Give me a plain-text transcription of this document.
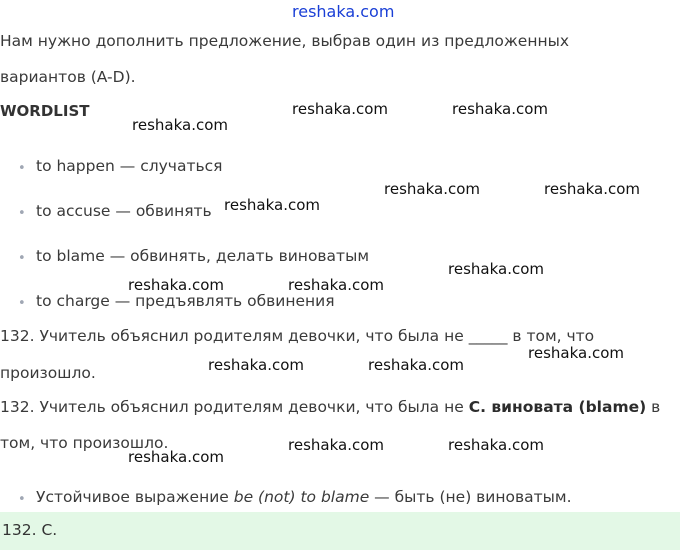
reshaka.com
Нам нужно дополнить предложение, выбрав один из предложенных
вариантов (A-D).
WORDLIST
• to happen — случаться
• to accuse — обвинять
• to blame — обвинять, делать виноватым
• to charge — предъявлять обвинения
132. Учитель объяснил родителям девочки, что была не _____ в том, что
произошло.
132. Учитель объяснил родителям девочки, что была не C. виновата (blame) в
том, что произошло.
• Устойчивое выражение be (not) to blame — быть (не) виноватым.
132. C.
reshaka.com	reshaka.com
reshaka.com
reshaka.com	reshaka.com
reshaka.com
reshaka.com
reshaka.com	reshaka.com
reshaka.com
reshaka.com	reshaka.com
reshaka.com	reshaka.com
reshaka.com
